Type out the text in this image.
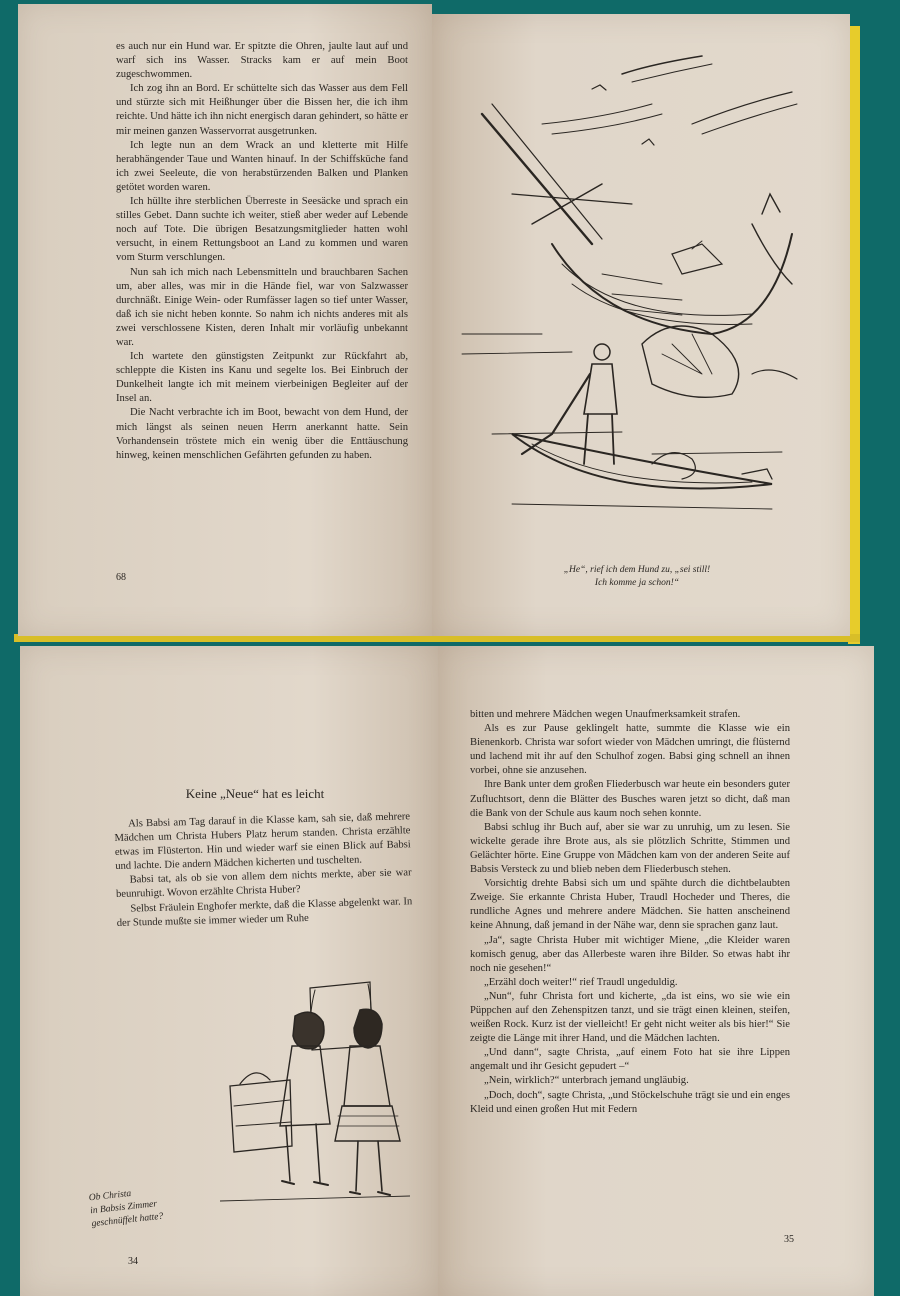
es auch nur ein Hund war. Er spitzte die Ohren, jaulte laut auf und warf sich ins Wasser. Stracks kam er auf mein Boot zugeschwommen.

Ich zog ihn an Bord. Er schüttelte sich das Wasser aus dem Fell und stürzte sich mit Heißhunger über die Bissen her, die ich ihm reichte. Und hätte ich ihn nicht energisch daran gehindert, so hätte er mir meinen ganzen Wasservorrat ausgetrunken.

Ich legte nun an dem Wrack an und kletterte mit Hilfe herabhängender Taue und Wanten hinauf. In der Schiffsküche fand ich zwei Seeleute, die von herabstürzenden Balken und Planken getötet worden waren.

Ich hüllte ihre sterblichen Überreste in Seesäcke und sprach ein stilles Gebet. Dann suchte ich weiter, stieß aber weder auf Lebende noch auf Tote. Die übrigen Besatzungsmitglieder hatten wohl versucht, in einem Rettungsboot an Land zu kommen und waren vom Sturm verschlungen.

Nun sah ich mich nach Lebensmitteln und brauchbaren Sachen um, aber alles, was mir in die Hände fiel, war von Salzwasser durchnäßt. Einige Wein- oder Rumfässer lagen so tief unter Wasser, daß ich sie nicht heben konnte. So nahm ich nichts anderes mit als zwei verschlossene Kisten, deren Inhalt mir vorläufig unbekannt war.

Ich wartete den günstigsten Zeitpunkt zur Rückfahrt ab, schleppte die Kisten ins Kanu und segelte los. Bei Einbruch der Dunkelheit langte ich mit meinem vierbeinigen Begleiter auf der Insel an.

Die Nacht verbrachte ich im Boot, bewacht von dem Hund, der mich längst als seinen neuen Herrn anerkannt hatte. Sein Vorhandensein tröstete mich ein wenig über die Enttäuschung hinweg, keinen menschlichen Gefährten gefunden zu haben.

68
„He“, rief ich dem Hund zu, „sei still!
Ich komme ja schon!“
Keine „Neue“ hat es leicht

Als Babsi am Tag darauf in die Klasse kam, sah sie, daß mehrere Mädchen um Christa Hubers Platz herum standen. Christa erzählte etwas im Flüsterton. Hin und wieder warf sie einen Blick auf Babsi und lachte. Die andern Mädchen kicherten und tuschelten.

Babsi tat, als ob sie von allem dem nichts merkte, aber sie war beunruhigt. Wovon erzählte Christa Huber?

Selbst Fräulein Enghofer merkte, daß die Klasse abgelenkt war. In der Stunde mußte sie immer wieder um Ruhe

Ob Christa
in Babsis Zimmer
geschnüffelt hatte?
34

bitten und mehrere Mädchen wegen Unaufmerksamkeit strafen.

Als es zur Pause geklingelt hatte, summte die Klasse wie ein Bienenkorb. Christa war sofort wieder von Mädchen umringt, die flüsternd und lachend mit ihr auf den Schulhof zogen. Babsi ging schnell an ihnen vorbei, ohne sie anzusehen.

Ihre Bank unter dem großen Fliederbusch war heute ein besonders guter Zufluchtsort, denn die Blätter des Busches waren jetzt so dicht, daß man die Bank von der Schule aus kaum noch sehen konnte.

Babsi schlug ihr Buch auf, aber sie war zu unruhig, um zu lesen. Sie wickelte gerade ihre Brote aus, als sie plötzlich Schritte, Stimmen und Gelächter hörte. Eine Gruppe von Mädchen kam von der anderen Seite auf Babsis Versteck zu und blieb neben dem Fliederbusch stehen.

Vorsichtig drehte Babsi sich um und spähte durch die dichtbelaubten Zweige. Sie erkannte Christa Huber, Traudl Hocheder und Theres, die rundliche Agnes und mehrere andere Mädchen. Sie hatten anscheinend keine Ahnung, daß jemand in der Nähe war, denn sie sprachen ganz laut.

„Ja“, sagte Christa Huber mit wichtiger Miene, „die Kleider waren komisch genug, aber das Allerbeste waren ihre Bilder. So etwas habt ihr noch nie gesehen!“

„Erzähl doch weiter!“ rief Traudl ungeduldig.

„Nun“, fuhr Christa fort und kicherte, „da ist eins, wo sie wie ein Püppchen auf den Zehenspitzen tanzt, und sie trägt einen kleinen, steifen, weißen Rock. Kurz ist der vielleicht! Er geht nicht weiter als bis hier!“ Sie zeigte die Länge mit ihrer Hand, und die Mädchen lachten.

„Und dann“, sagte Christa, „auf einem Foto hat sie ihre Lippen angemalt und ihr Gesicht gepudert –“

„Nein, wirklich?“ unterbrach jemand ungläubig.

„Doch, doch“, sagte Christa, „und Stöckelschuhe trägt sie und ein enges Kleid und einen großen Hut mit Federn

35
